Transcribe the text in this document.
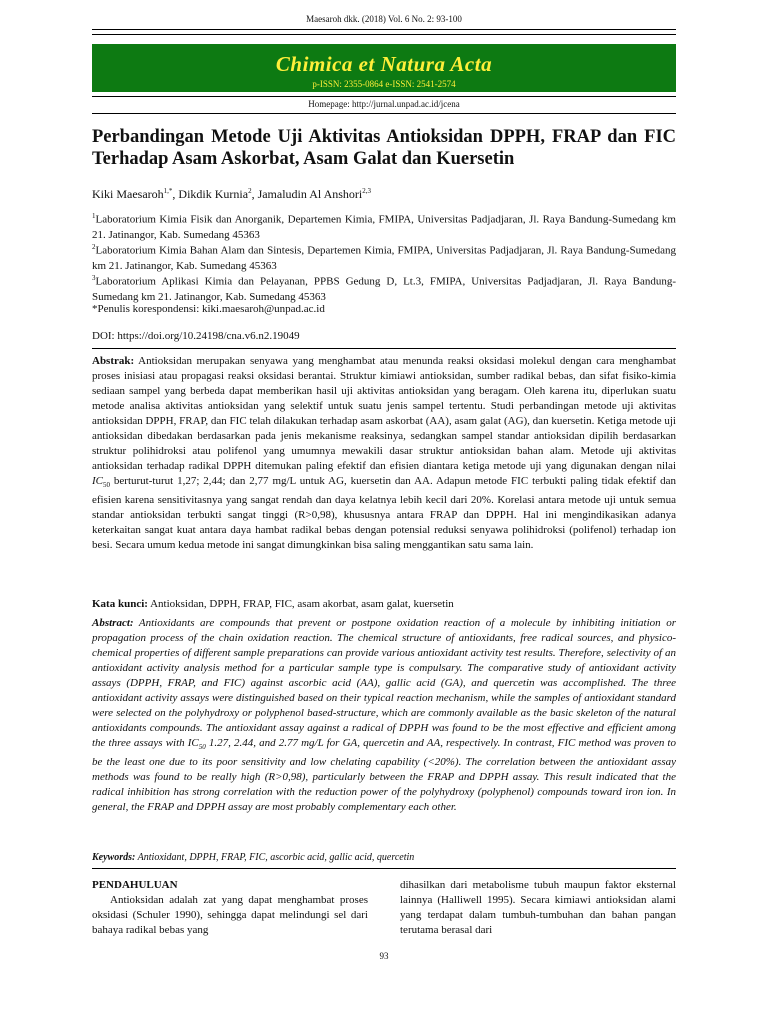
Maesaroh dkk. (2018) Vol. 6 No. 2: 93-100
Chimica et Natura Acta
p-ISSN: 2355-0864 e-ISSN: 2541-2574
Homepage: http://jurnal.unpad.ac.id/jcena
Perbandingan Metode Uji Aktivitas Antioksidan DPPH, FRAP dan FIC Terhadap Asam Askorbat, Asam Galat dan Kuersetin
Kiki Maesaroh$^{1,*}$, Dikdik Kurnia$^2$, Jamaludin Al Anshori$^{2,3}$
$^1$Laboratorium Kimia Fisik dan Anorganik, Departemen Kimia, FMIPA, Universitas Padjadjaran, Jl. Raya Bandung-Sumedang km 21. Jatinangor, Kab. Sumedang 45363
$^2$Laboratorium Kimia Bahan Alam dan Sintesis, Departemen Kimia, FMIPA, Universitas Padjadjaran, Jl. Raya Bandung-Sumedang km 21. Jatinangor, Kab. Sumedang 45363
$^3$Laboratorium Aplikasi Kimia dan Pelayanan, PPBS Gedung D, Lt.3, FMIPA, Universitas Padjadjaran, Jl. Raya Bandung-Sumedang km 21. Jatinangor, Kab. Sumedang 45363
*Penulis korespondensi: kiki.maesaroh@unpad.ac.id
DOI: https://doi.org/10.24198/cna.v6.n2.19049
Abstrak: Antioksidan merupakan senyawa yang menghambat atau menunda reaksi oksidasi molekul dengan cara menghambat proses inisiasi atau propagasi reaksi oksidasi berantai. Struktur kimiawi antioksidan, sumber radikal bebas, dan sifat fisiko-kimia sediaan sampel yang berbeda dapat memberikan hasil uji aktivitas antioksidan yang beragam. Oleh karena itu, diperlukan suatu metode analisa aktivitas antioksidan yang selektif untuk suatu jenis sampel tertentu. Studi perbandingan metode uji aktivitas antioksidan DPPH, FRAP, dan FIC telah dilakukan terhadap asam askorbat (AA), asam galat (AG), dan kuersetin. Ketiga metode uji antioksidan dibedakan berdasarkan pada jenis mekanisme reaksinya, sedangkan sampel standar antioksidan dipilih berdasarkan struktur polihidroksi atau polifenol yang umumnya mewakili dasar struktur antioksidan bahan alam. Metode uji aktivitas antioksidan terhadap radikal DPPH ditemukan paling efektif dan efisien diantara ketiga metode uji yang digunakan dengan nilai $IC_{50}$ berturut-turut 1,27; 2,44; dan 2,77 mg/L untuk AG, kuersetin dan AA. Adapun metode FIC terbukti paling tidak efektif dan efisien karena sensitivitasnya yang sangat rendah dan daya kelatnya lebih kecil dari 20%. Korelasi antara metode uji untuk semua standar antioksidan terbukti sangat tinggi (R>0,98), khususnya antara FRAP dan DPPH. Hal ini mengindikasikan adanya keterkaitan sangat kuat antara daya hambat radikal bebas dengan potensial reduksi senyawa polihidroksi (polifenol) terhadap ion besi. Secara umum kedua metode ini sangat dimungkinkan bisa saling menggantikan satu sama lain.
Kata kunci: Antioksidan, DPPH, FRAP, FIC, asam akorbat, asam galat, kuersetin
Abstract: Antioxidants are compounds that prevent or postpone oxidation reaction of a molecule by inhibiting initiation or propagation process of the chain oxidation reaction. The chemical structure of antioxidants, free radical sources, and physico-chemical properties of different sample preparations can provide various antioxidant activity test results. Therefore, selectivity of an antioxidant activity analysis method for a particular sample type is compulsary. The comparative study of antioxidant activity assays (DPPH, FRAP, and FIC) against ascorbic acid (AA), gallic acid (GA), and quercetin was accomplished. The three antioxidant activity assays were distinguished based on their typical reaction mechanism, while the samples of antioxidant standard were selected on the polyhydroxy or polyphenol based-structure, which are commonly available as the basic skeleton of the natural antioxidants compounds. The antioxidant assay against a radical of DPPH was found to be the most effective and efficient among the three assays with $IC_{50}$ 1.27, 2.44, and 2.77 mg/L for GA, quercetin and AA, respectively. In contrast, FIC method was proven to be the least one due to its poor sensitivity and low chelating capability (<20%). The correlation between the antioxidant assay methods was found to be really high (R>0,98), particularly between the FRAP and DPPH assay. This result indicated that the radical inhibition has strong correlation with the reduction power of the polyhydroxy (polyphenol) compounds toward iron ion. In general, the FRAP and DPPH assay are most probably complementary each other.
Keywords: Antioxidant, DPPH, FRAP, FIC, ascorbic acid, gallic acid, quercetin
PENDAHULUAN
Antioksidan adalah zat yang dapat menghambat proses oksidasi (Schuler 1990), sehingga dapat melindungi sel dari bahaya radikal bebas yang
dihasilkan dari metabolisme tubuh maupun faktor eksternal lainnya (Halliwell 1995). Secara kimiawi antioksidan alami yang terdapat dalam tumbuh-tumbuhan dan bahan pangan terutama berasal dari
93
